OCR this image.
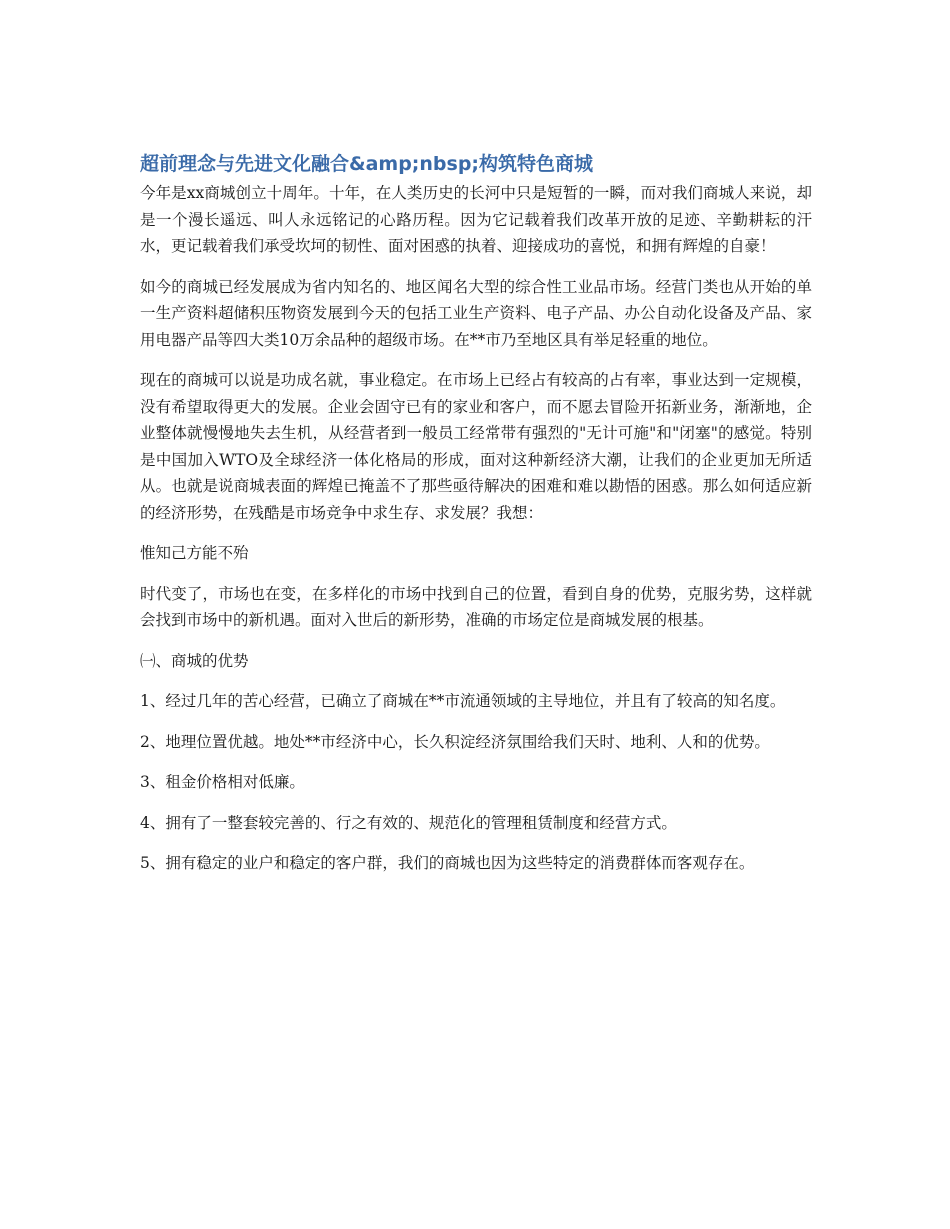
超前理念与先进文化融合&amp;nbsp;构筑特色商城

今年是xx商城创立十周年。十年，在人类历史的长河中只是短暂的一瞬，而对我们商城人来说，却是一个漫长遥远、叫人永远铭记的心路历程。因为它记载着我们改革开放的足迹、辛勤耕耘的汗水，更记载着我们承受坎坷的韧性、面对困惑的执着、迎接成功的喜悦，和拥有辉煌的自豪！

如今的商城已经发展成为省内知名的、地区闻名大型的综合性工业品市场。经营门类也从开始的单一生产资料超储积压物资发展到今天的包括工业生产资料、电子产品、办公自动化设备及产品、家用电器产品等四大类10万余品种的超级市场。在**市乃至地区具有举足轻重的地位。

现在的商城可以说是功成名就，事业稳定。在市场上已经占有较高的占有率，事业达到一定规模，没有希望取得更大的发展。企业会固守已有的家业和客户，而不愿去冒险开拓新业务，渐渐地，企业整体就慢慢地失去生机，从经营者到一般员工经常带有强烈的"无计可施"和"闭塞"的感觉。特别是中国加入WTO及全球经济一体化格局的形成，面对这种新经济大潮，让我们的企业更加无所适从。也就是说商城表面的辉煌已掩盖不了那些亟待解决的困难和难以勘悟的困惑。那么如何适应新的经济形势，在残酷是市场竞争中求生存、求发展？我想：

惟知己方能不殆

时代变了，市场也在变，在多样化的市场中找到自己的位置，看到自身的优势，克服劣势，这样就会找到市场中的新机遇。面对入世后的新形势，准确的市场定位是商城发展的根基。

㈠、商城的优势

1、经过几年的苦心经营，已确立了商城在**市流通领域的主导地位，并且有了较高的知名度。

2、地理位置优越。地处**市经济中心，长久积淀经济氛围给我们天时、地利、人和的优势。

3、租金价格相对低廉。

4、拥有了一整套较完善的、行之有效的、规范化的管理租赁制度和经营方式。

5、拥有稳定的业户和稳定的客户群，我们的商城也因为这些特定的消费群体而客观存在。
